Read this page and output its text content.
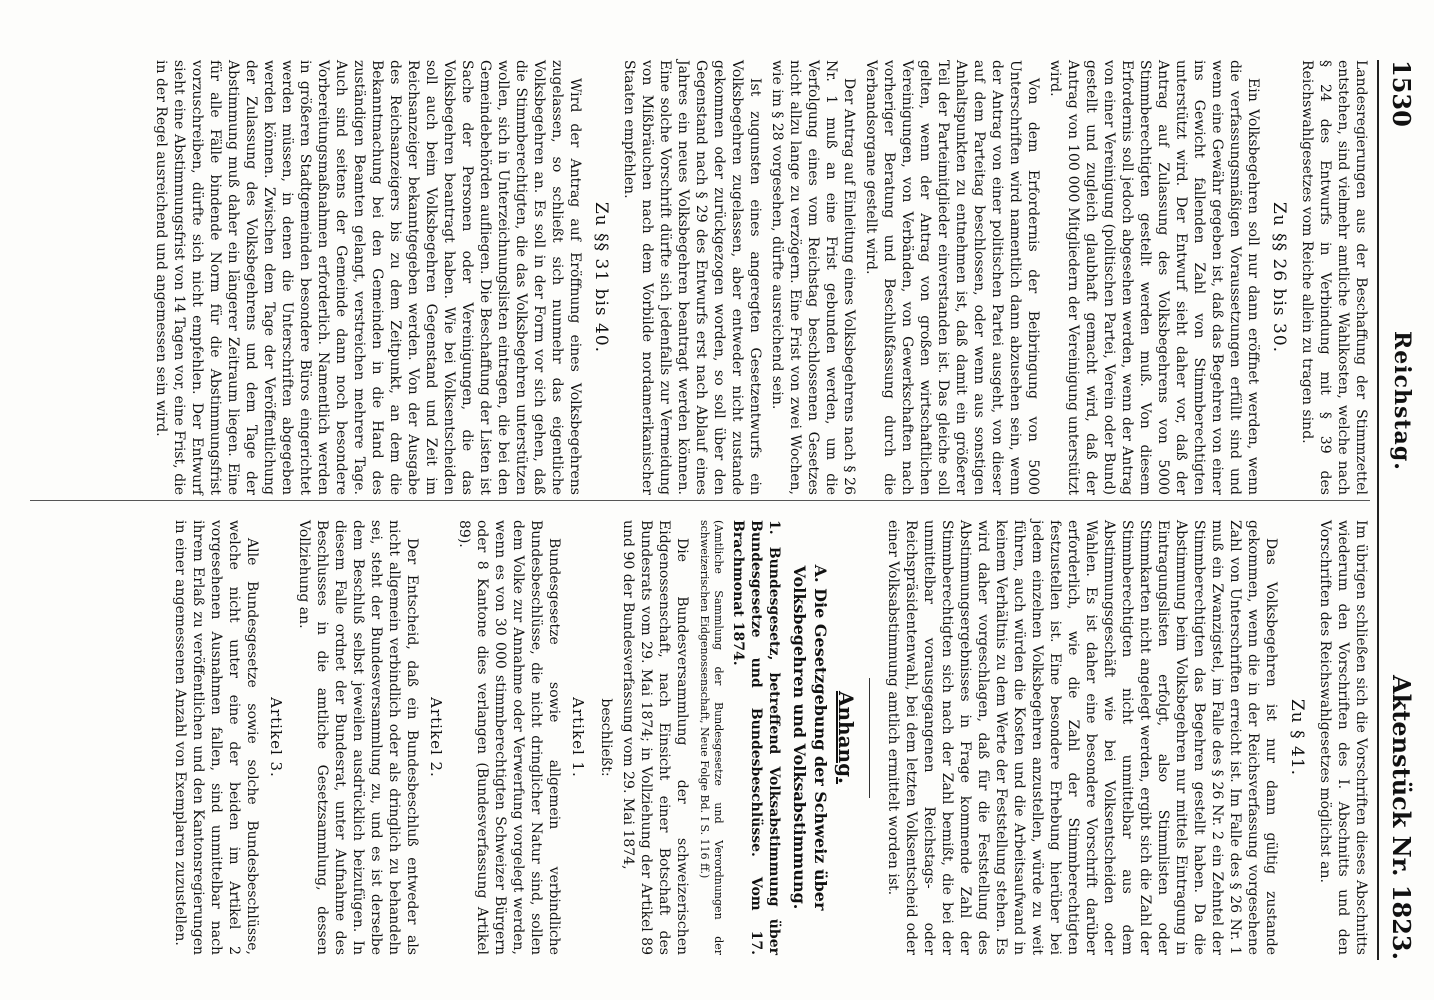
1530
Reichstag.
Aktenstück Nr. 1823.

Landesregierungen aus der Beschaffung der Stimmzettel entstehen, sind vielmehr amtliche Wahlkosten, welche nach § 24 des Entwurfs in Verbindung mit § 39 des Reichswahlgesetzes vom Reiche allein zu tragen sind.

Zu §§ 26 bis 30.

Ein Volksbegehren soll nur dann eröffnet werden, wenn die verfassungsmäßigen Voraussetzungen erfüllt sind und wenn eine Gewähr gegeben ist, daß das Begehren von einer ins Gewicht fallenden Zahl von Stimmberechtigten unterstützt wird. Der Entwurf sieht daher vor, daß der Antrag auf Zulassung des Volksbegehrens von 5000 Stimmberechtigten gestellt werden muß. Von diesem Erfordernis soll jedoch abgesehen werden, wenn der Antrag von einer Vereinigung (politischen Partei, Verein oder Bund) gestellt und zugleich glaubhaft gemacht wird, daß der Antrag von 100 000 Mitgliedern der Vereinigung unterstützt wird.

Von dem Erfordernis der Beibringung von 5000 Unterschriften wird namentlich dann abzusehen sein, wenn der Antrag von einer politischen Partei ausgeht, von dieser auf dem Parteitag beschlossen, oder wenn aus sonstigen Anhaltspunkten zu entnehmen ist, daß damit ein größerer Teil der Parteimitglieder einverstanden ist. Das gleiche soll gelten, wenn der Antrag von großen wirtschaftlichen Vereinigungen, von Verbänden, von Gewerkschaften nach vorheriger Beratung und Beschlußfassung durch die Verbandsorgane gestellt wird.

Der Antrag auf Einleitung eines Volksbegehrens nach § 26 Nr. 1 muß an eine Frist gebunden werden, um die Verfolgung eines vom Reichstag beschlossenen Gesetzes nicht allzu lange zu verzögern. Eine Frist von zwei Wochen, wie im § 28 vorgesehen, dürfte ausreichend sein.

Ist zugunsten eines angeregten Gesetzentwurfs ein Volksbegehren zugelassen, aber entweder nicht zustande gekommen oder zurückgezogen worden, so soll über den Gegenstand nach § 29 des Entwurfs erst nach Ablauf eines Jahres ein neues Volksbegehren beantragt werden können. Eine solche Vorschrift dürfte sich jedenfalls zur Vermeidung von Mißbräuchen nach dem Vorbilde nordamerikanischer Staaten empfehlen.

Zu §§ 31 bis 40.

Wird der Antrag auf Eröffnung eines Volksbegehrens zugelassen, so schließt sich nunmehr das eigentliche Volksbegehren an. Es soll in der Form vor sich gehen, daß die Stimmberechtigten, die das Volksbegehren unterstützen wollen, sich in Unterzeichnungslisten eintragen, die bei den Gemeindebehörden aufliegen. Die Beschaffung der Listen ist Sache der Personen oder Vereinigungen, die das Volksbegehren beantragt haben. Wie bei Volksentscheiden soll auch beim Volksbegehren Gegenstand und Zeit im Reichsanzeiger bekanntgegeben werden. Von der Ausgabe des Reichsanzeigers bis zu dem Zeitpunkt, an dem die Bekanntmachung bei den Gemeinden in die Hand des zuständigen Beamten gelangt, verstreichen mehrere Tage. Auch sind seitens der Gemeinde dann noch besondere Vorbereitungsmaßnahmen erforderlich. Namentlich werden in größeren Stadtgemeinden besondere Büros eingerichtet werden müssen, in denen die Unterschriften abgegeben werden können. Zwischen dem Tage der Veröffentlichung der Zulassung des Volksbegehrens und dem Tage der Abstimmung muß daher ein längerer Zeitraum liegen. Eine für alle Fälle bindende Norm für die Abstimmungsfrist vorzuschreiben, dürfte sich nicht empfehlen. Der Entwurf sieht eine Abstimmungsfrist von 14 Tagen vor, eine Frist, die in der Regel ausreichend und angemessen sein wird.

Im übrigen schließen sich die Vorschriften dieses Abschnitts wiederum den Vorschriften des I. Abschnitts und den Vorschriften des Reichswahlgesetzes möglichst an.

Zu § 41.

Das Volksbegehren ist nur dann gültig zustande gekommen, wenn die in der Reichsverfassung vorgesehene Zahl von Unterschriften erreicht ist. Im Falle des § 26 Nr. 1 muß ein Zwanzigstel, im Falle des § 26 Nr. 2 ein Zehntel der Stimmberechtigten das Begehren gestellt haben. Da die Abstimmung beim Volksbegehren nur mittels Eintragung in Eintragungslisten erfolgt, also Stimmlisten oder Stimmkarten nicht angelegt werden, ergibt sich die Zahl der Stimmberechtigten nicht unmittelbar aus dem Abstimmungsgeschäft wie bei Volksentscheiden oder Wahlen. Es ist daher eine besondere Vorschrift darüber erforderlich, wie die Zahl der Stimmberechtigten festzustellen ist. Eine besondere Erhebung hierüber bei jedem einzelnen Volksbegehren anzustellen, würde zu weit führen, auch würden die Kosten und die Arbeitsaufwand in keinem Verhältnis zu dem Werte der Feststellung stehen. Es wird daher vorgeschlagen, daß für die Feststellung des Abstimmungsergebnisses in Frage kommende Zahl der Stimmberechtigten sich nach der Zahl bemißt, die bei der unmittelbar vorausgegangenen Reichstags- oder Reichspräsidentenwahl, bei dem letzten Volksentscheid oder einer Volksabstimmung amtlich ermittelt worden ist.

Anhang.
A. Die Gesetzgebung der Schweiz über Volksbegehren und Volksabstimmung.
1. Bundesgesetz, betreffend Volksabstimmung über Bundesgesetze und Bundesbeschlüsse. Vom 17. Brachmonat 1874.

(Amtliche Sammlung der Bundesgesetze und Verordnungen der schweizerischen Eidgenossenschaft, Neue Folge Bd. I S. 116 ff.)

Die Bundesversammlung der schweizerischen Eidgenossenschaft, nach Einsicht einer Botschaft des Bundesrats vom 29. Mai 1874; in Vollziehung der Artikel 89 und 90 der Bundesverfassung vom 29. Mai 1874,

beschließt:
Artikel 1.

Bundesgesetze sowie allgemein verbindliche Bundesbeschlüsse, die nicht dringlicher Natur sind, sollen dem Volke zur Annahme oder Verwerfung vorgelegt werden, wenn es von 30 000 stimmberechtigten Schweizer Bürgern oder 8 Kantone dies verlangen (Bundesverfassung Artikel 89).

Artikel 2.

Der Entscheid, daß ein Bundesbeschluß entweder als nicht allgemein verbindlich oder als dringlich zu behandeln sei, steht der Bundesversammlung zu, und es ist derselbe dem Beschluß selbst jeweilen ausdrücklich beizufügen. In diesem Falle ordnet der Bundesrat, unter Aufnahme des Beschlusses in die amtliche Gesetzsammlung, dessen Vollziehung an.

Artikel 3.

Alle Bundesgesetze sowie solche Bundesbeschlüsse, welche nicht unter eine der beiden im Artikel 2 vorgesehenen Ausnahmen fallen, sind unmittelbar nach ihrem Erlaß zu veröffentlichen und den Kantonsregierungen in einer angemessenen Anzahl von Exemplaren zuzustellen.
